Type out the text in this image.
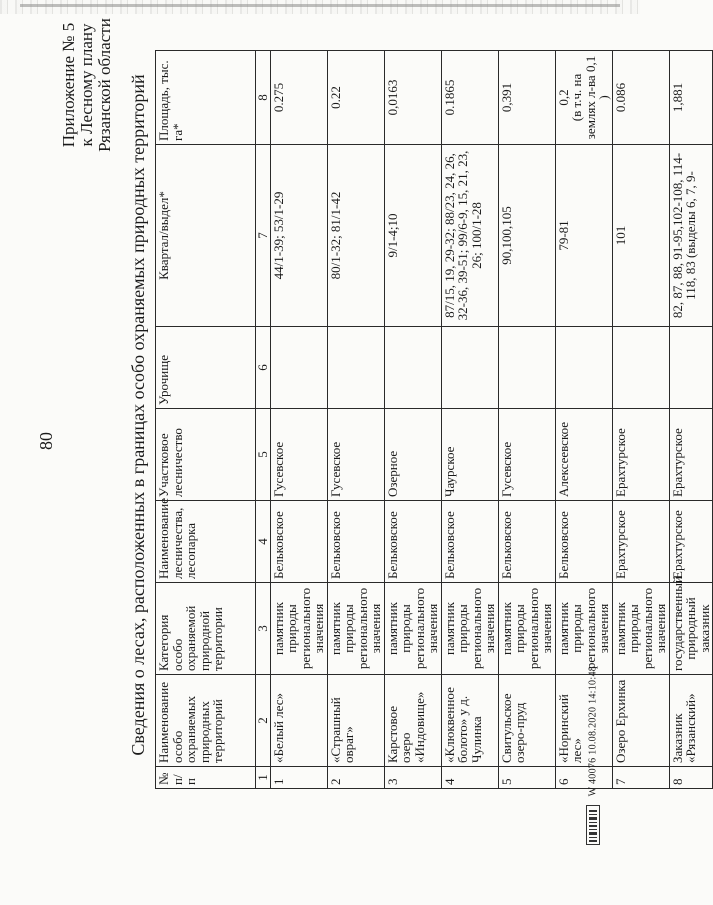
80
Приложение № 5 к Лесному плану Рязанской области Сведения о лесах, расположенных в границах особо охраняемых природных территорий
№ п/п	Наименование особо охраняемых природных территорий	Категория особо охраняемой природной территории	Наименование лесничества, лесопарка	Участковое лесничество	Урочище	Квартал/выдел*	Площадь, тыс. га*
1	2	3	4	5	6	7	8
1	«Белый лес»	памятник природы регионального значения	Бельковское	Гусевское		44/1-39; 53/1-29	0.275

2	«Страшный овраг»	памятник природы регионального значения	Бельковское	Гусевское		80/1-32; 81/1-42	0.22

3	Карстовое озеро «Индовище»	памятник природы регионального значения	Бельковское	Озерное		9/1-4;10	0,0163

4	«Клюквенное болото» у д. Чулинка	памятник природы регионального значения	Бельковское	Чаурское		87/15, 19, 29-32; 88/23, 24, 26, 32-36, 39-51; 99/6-9, 15, 21, 23, 26; 100/1-28	0.1865

5	Свитульское озеро-пруд	памятник природы регионального значения	Бельковское	Гусевское		90,100,105	0,391

6	«Норинский лес»	памятник природы регионального значения	Бельковское	Алексеевское		79-81	0,2
(в т.ч. на землях л-ва 0,1 )
7	Озеро Ерхинка	памятник природы регионального значения	Ерахтурское	Ерахтурское		101	0.086

8	Заказник «Рязанский»	государственный природный заказник	Ерахтурское	Ерахтурское		82, 87, 88, 91-95,102-108, 114-118, 83 (выделы 6, 7, 9-	1,881

W 40076 10.08.2020 14:10:48
